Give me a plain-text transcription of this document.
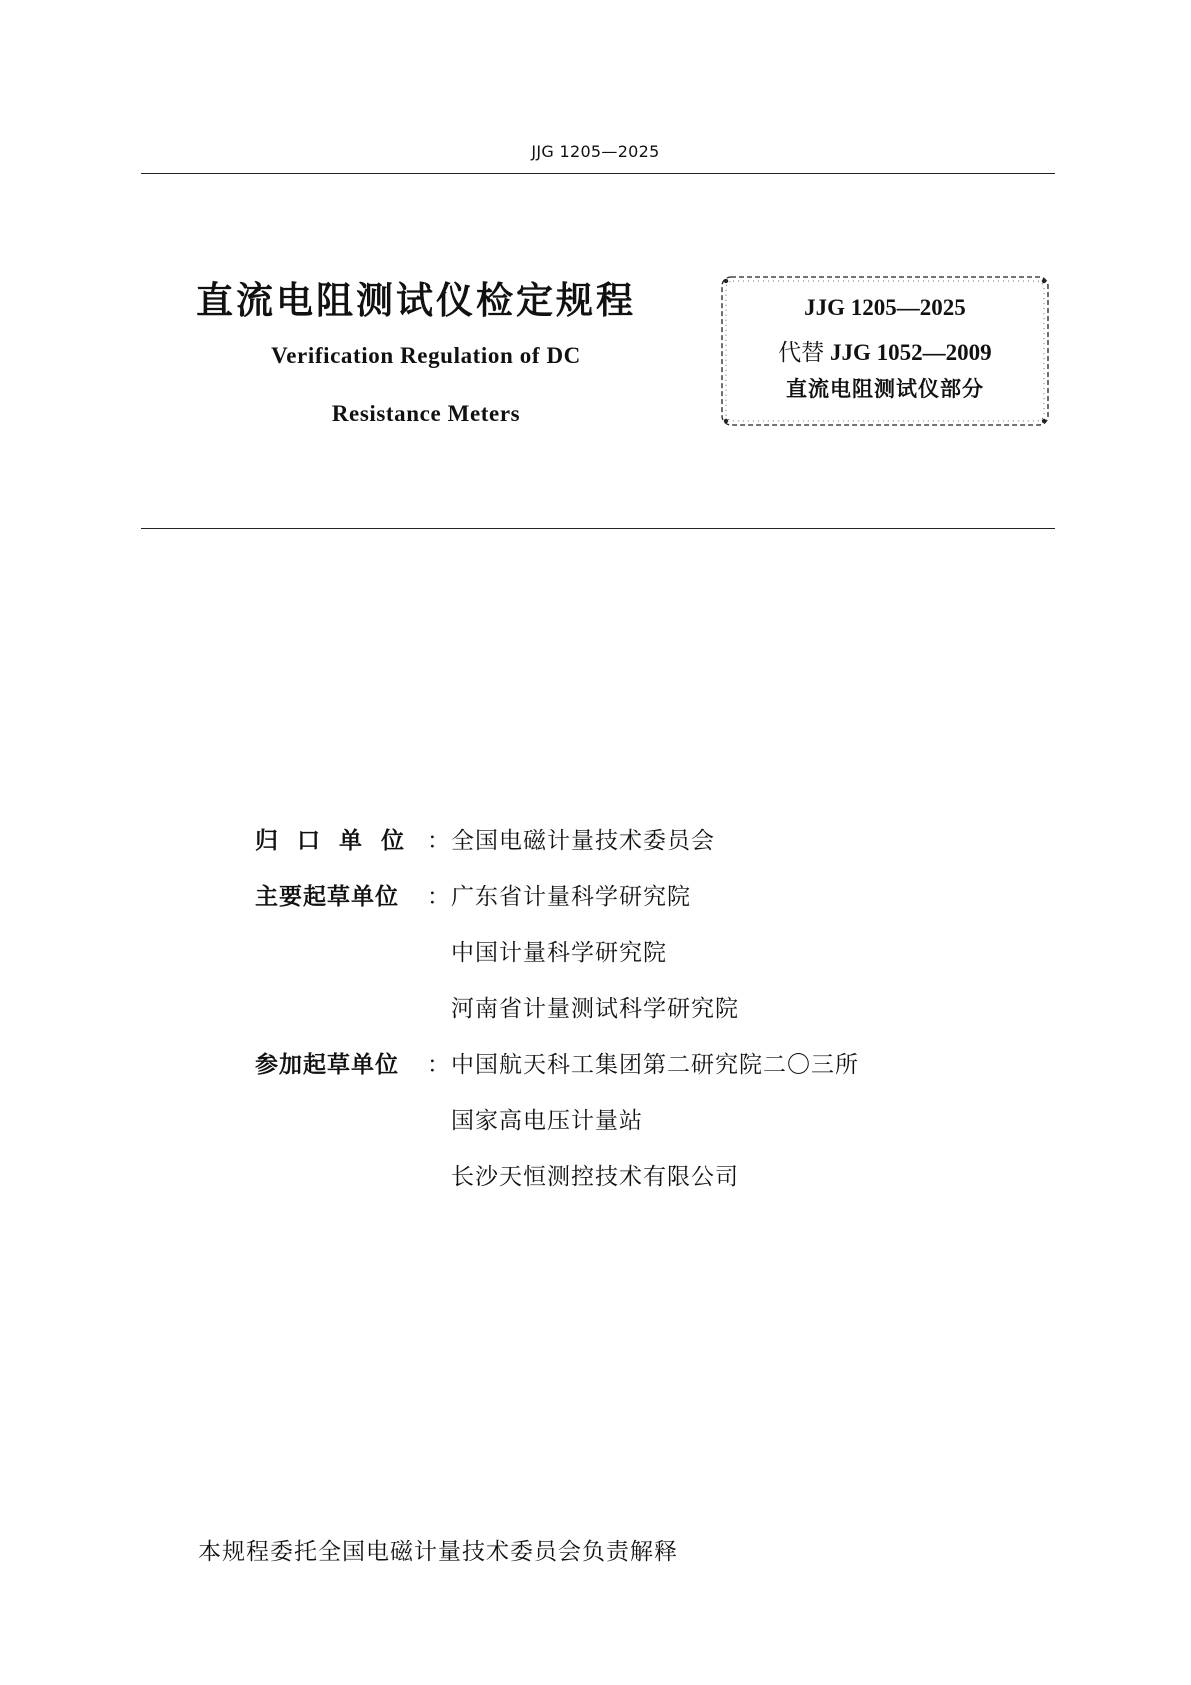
JJG 1205—2025
直流电阻测试仪检定规程
Verification Regulation of DC
Resistance Meters
JJG 1205—2025
代替 JJG 1052—2009
直流电阻测试仪部分
归口单位 ： 全国电磁计量技术委员会
主要起草单位	： 广东省计量科学研究院
中国计量科学研究院
河南省计量测试科学研究院
参加起草单位	： 中国航天科工集团第二研究院二〇三所
国家高电压计量站
长沙天恒测控技术有限公司
本规程委托全国电磁计量技术委员会负责解释
